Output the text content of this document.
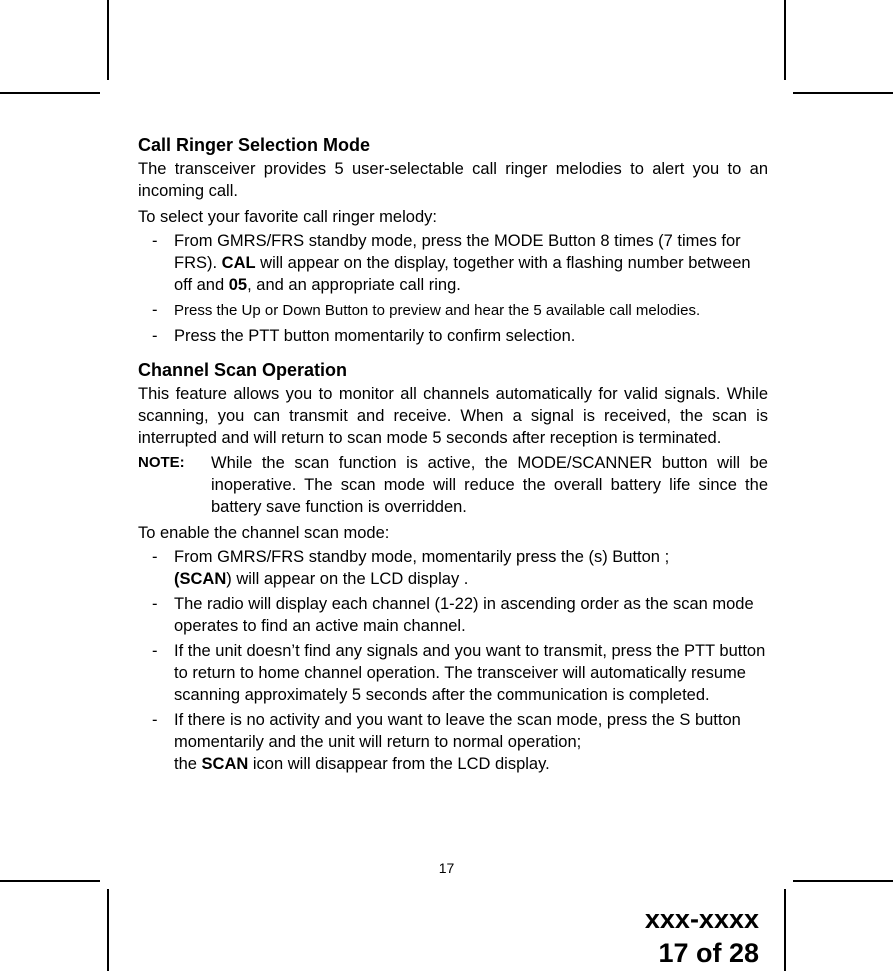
Call Ringer Selection Mode

The transceiver provides 5 user-selectable call ringer melodies to alert you to an incoming call.

To select your favorite call ringer melody:

- From GMRS/FRS standby mode, press the MODE Button 8 times (7 times for FRS). CAL will appear on the display, together with a flashing number between off and 05, and an appropriate call ring.
- Press the Up or Down Button to preview and hear the 5 available call melodies.
- Press the PTT button momentarily to confirm selection.
Channel Scan Operation

This feature allows you to monitor all channels automatically for valid signals. While scanning, you can transmit and receive. When a signal is received, the scan is interrupted and will return to scan mode 5 seconds after reception is terminated.

NOTE: While the scan function is active, the MODE/SCANNER button will be inoperative. The scan mode will reduce the overall battery life since the battery save function is overridden.

To enable the channel scan mode:

- From GMRS/FRS standby mode, momentarily press the (s) Button ;
(SCAN) will appear on the LCD display .
- The radio will display each channel (1-22) in ascending order as the scan mode operates to find an active main channel.
- If the unit doesn’t find any signals and you want to transmit, press the PTT button to return to home channel operation. The transceiver will automatically resume scanning approximately 5 seconds after the communication is completed.
- If there is no activity and you want to leave the scan mode, press the S button momentarily and the unit will return to normal operation;
the SCAN icon will disappear from the LCD display.
17
xxx-xxxx
17 of 28
